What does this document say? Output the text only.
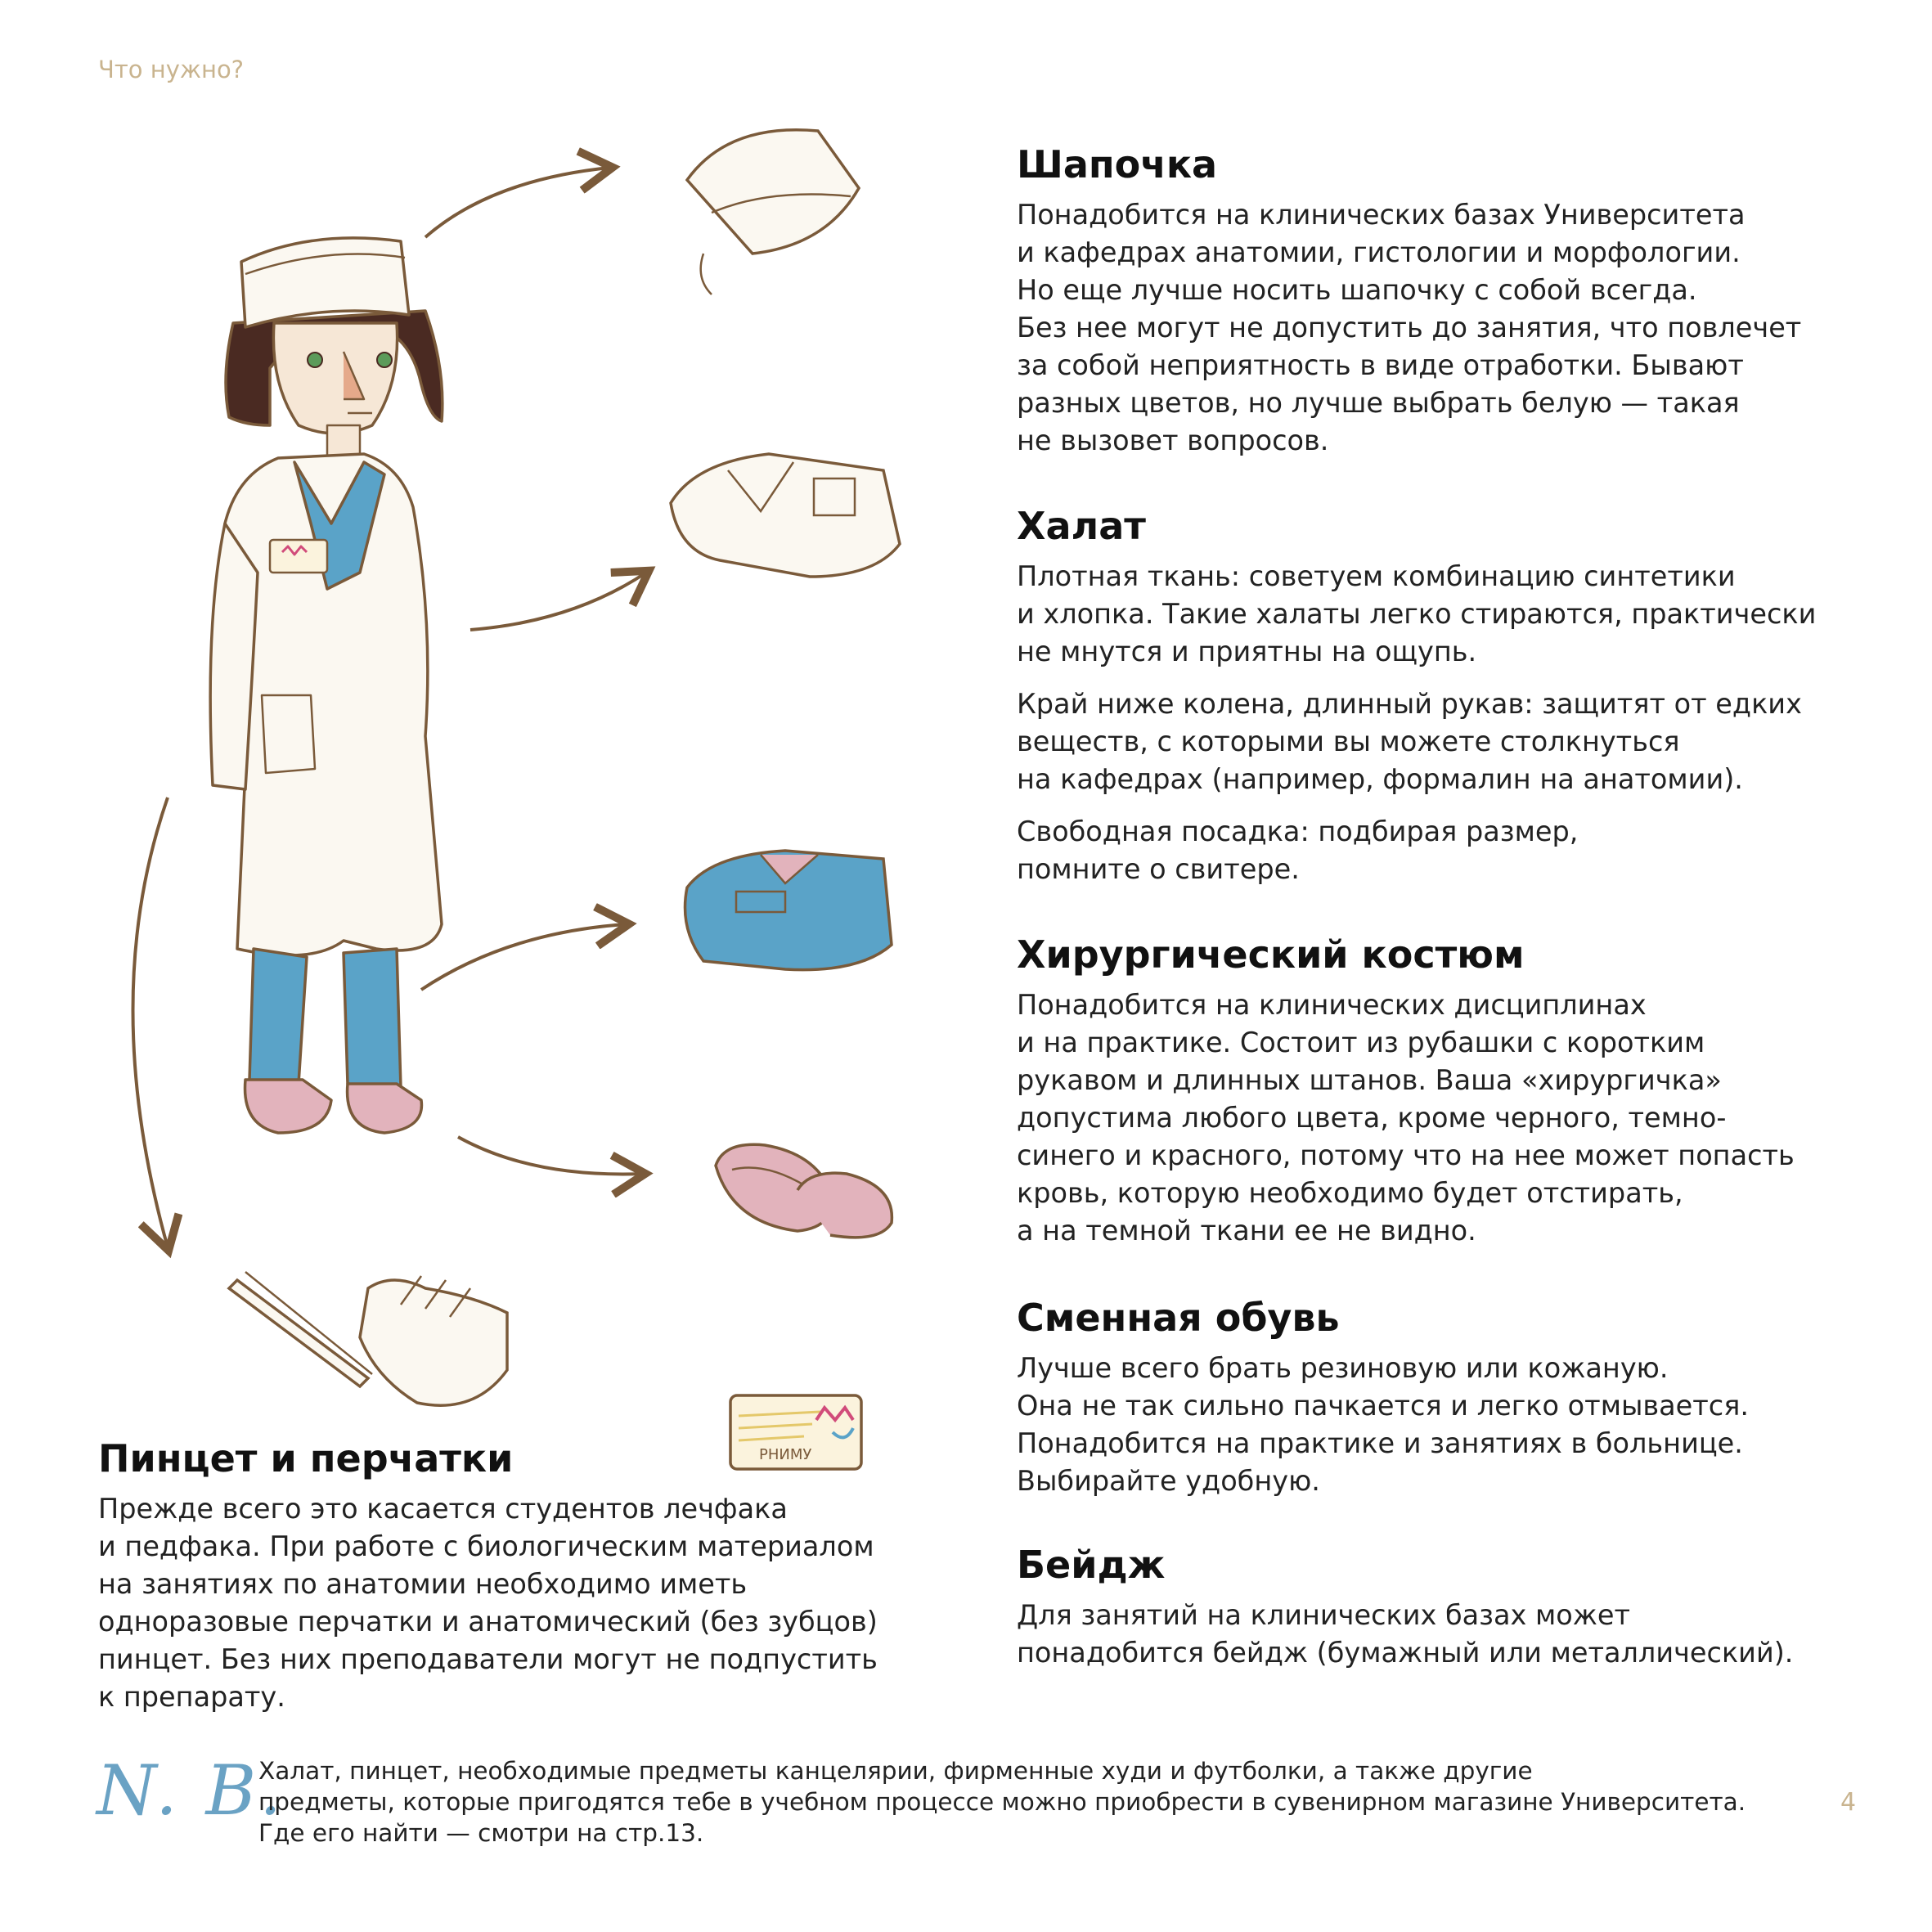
Что нужно?
РНИМУ
Шапочка

Понадобится на клинических базах Университета
и кафедрах анатомии, гистологии и морфологии.
Но еще лучше носить шапочку с собой всегда.
Без нее могут не допустить до занятия, что повлечет
за собой неприятность в виде отработки. Бывают
разных цветов, но лучше выбрать белую — такая
не вызовет вопросов.

Халат

Плотная ткань: советуем комбинацию синтетики
и хлопка. Такие халаты легко стираются, практически
не мнутся и приятны на ощупь.

Край ниже колена, длинный рукав: защитят от едких
веществ, с которыми вы можете столкнуться
на кафедрах (например, формалин на анатомии).

Свободная посадка: подбирая размер,
помните о свитере.

Хирургический костюм

Понадобится на клинических дисциплинах
и на практике. Состоит из рубашки с коротким
рукавом и длинных штанов. Ваша «хирургичка»
допустима любого цвета, кроме черного, темно-
синего и красного, потому что на нее может попасть
кровь, которую необходимо будет отстирать,
а на темной ткани ее не видно.

Сменная обувь

Лучше всего брать резиновую или кожаную.
Она не так сильно пачкается и легко отмывается.
Понадобится на практике и занятиях в больнице.
Выбирайте удобную.

Бейдж

Для занятий на клинических базах может
понадобится бейдж (бумажный или металлический).

Пинцет и перчатки

Прежде всего это касается студентов лечфака
и педфака. При работе с биологическим материалом
на занятиях по анатомии необходимо иметь
одноразовые перчатки и анатомический (без зубцов)
пинцет. Без них преподаватели могут не подпустить
к препарату.

N. B.
Халат, пинцет, необходимые предметы канцелярии, фирменные худи и футболки, а также другие
предметы, которые пригодятся тебе в учебном процессе можно приобрести в сувенирном магазине Университета.
Где его найти — смотри на стр.13.
4
